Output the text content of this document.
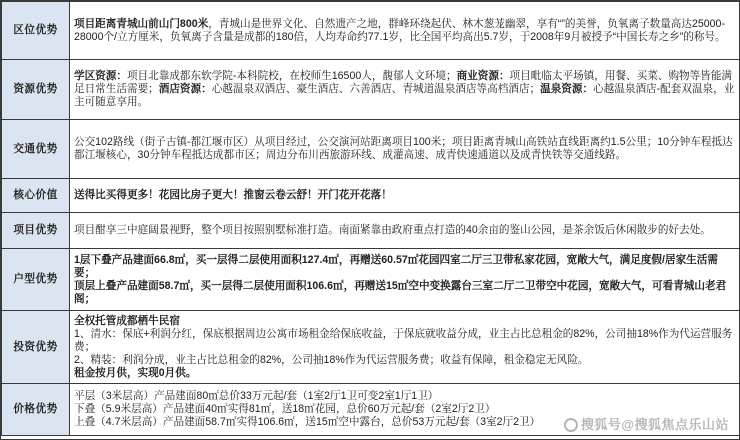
区位优势	项目距离青城山前山门800米，青城山是世界文化、自然遗产之地，群峰环绕起伏、林木葱茏幽翠，享有“”的美誉，负氧离子数量高达25000-28000个/立方厘米，负氧离子含量是成都的180倍，人均寿命约77.1岁，比全国平均高出5.7岁，于2008年9月被授予“中国长寿之乡”的称号。
资源优势	学区资源：项目北靠成都东软学院-本科院校，在校师生16500人，馥郁人文环境；商业资源：项目毗临太平场镇，用餐、买菜、购物等皆能满足日常生活需要；酒店资源：心越温泉双酒店、豪生酒店、六善酒店、青城道温泉酒店等高档酒店；温泉资源：心越温泉酒店-配套双温泉，业主可随意享用。
交通优势	公交102路线（街子古镇-都江堰市区）从项目经过，公交演河站距离项目100米；项目距离青城山高铁站直线距离约1.5公里；10分钟车程抵达都江堰核心，30分钟车程抵达成都市区；周边分布川西旅游环线、成灌高速、成青快速通道以及成青快铁等交通线路。
核心价值	送得比买得更多！花园比房子更大！推窗云卷云舒！开门花开花落！
项目优势	项目酣享三中庭阔景视野，整个项目按照别墅标准打造。南面紧靠由政府重点打造的40余亩的鉴山公园，是茶余饭后休闲散步的好去处。
户型优势	1层下叠产品建面66.8㎡，买一层得二层使用面积127.4㎡，再赠送60.57㎡花园四室二厅三卫带私家花园，宽敞大气，满足度假/居家生活需要；
顶层上叠产品建面58.7㎡，买一层得二层使用面积106.6㎡，再赠送15㎡空中变换露台三室二厅二卫带空中花园，宽敞大气，可看青城山老君阁；

投资优势	全权托管成都栖牛民宿
1、清水：保底+利润分红，保底根据周边公寓市场租金给保底收益，于保底就收益分成，业主占比总租金的82%，公司抽18%作为代运营服务费；
2、精装：利润分成，业主占比总租金的82%，公司抽18%作为代运营服务费；收益有保障，租金稳定无风险。
租金按月供，实现0月供。

价格优势	平层（3米层高）产品建面80㎡总价33万元起/套（1室2厅1卫可变2室1厅1卫）
下叠（5.9米层高）产品建面40㎡实得81㎡，送18㎡花园，总价60万元起/套（2室2厅2卫）
上叠（4.7米层高）产品建面58.7㎡实得106.6㎡，送15㎡空中露台，总价53万元起/套（3室2厅2卫）	搜狐号@搜狐焦点乐山站
